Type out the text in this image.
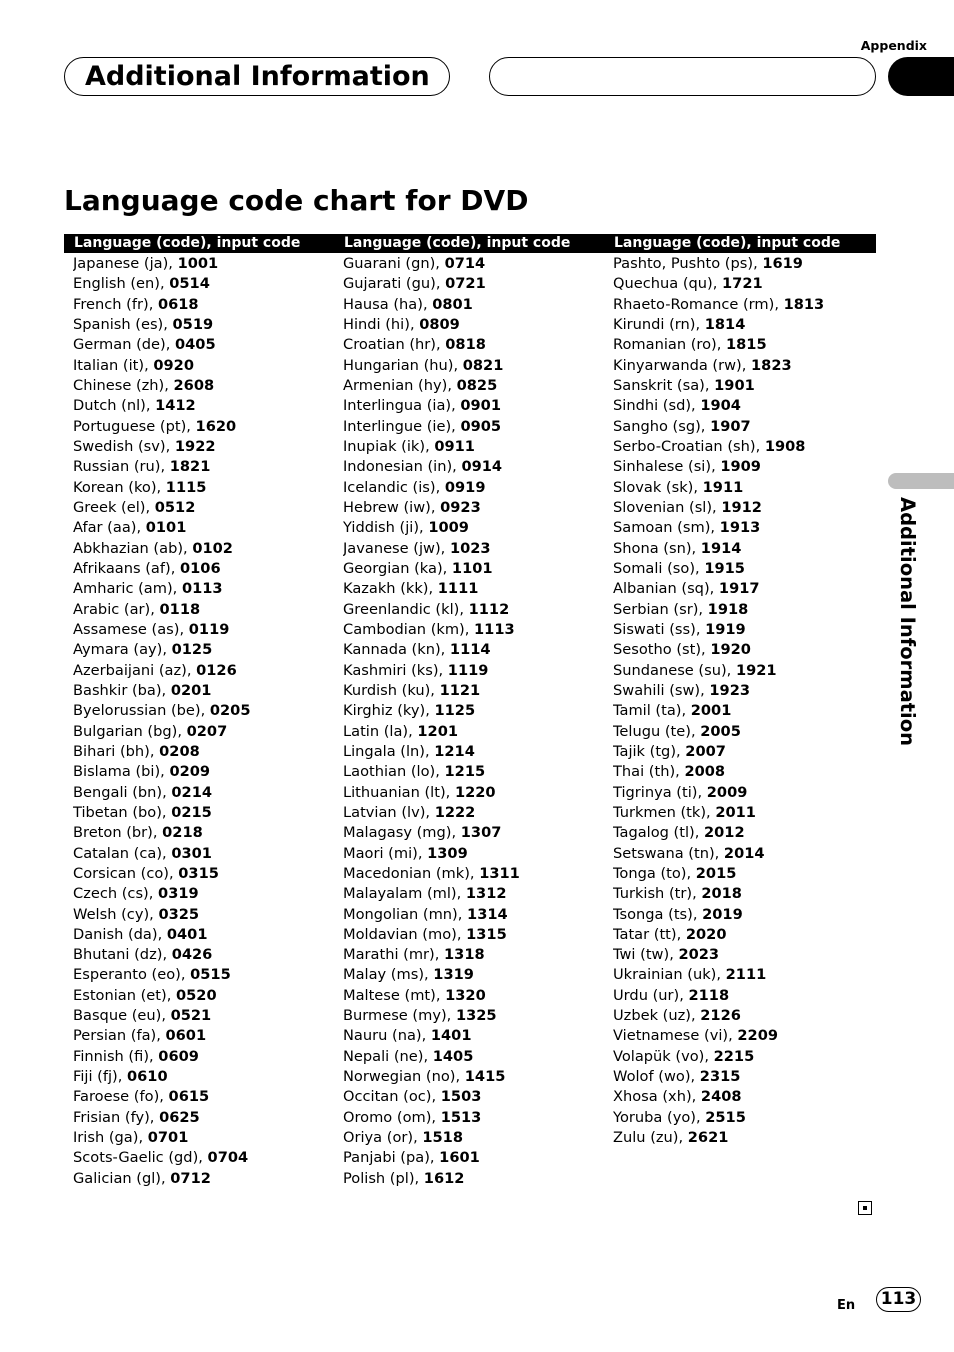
Appendix
Additional Information
Additional Information
Language code chart for DVD
Language (code), input code
Japanese (ja), 1001
English (en), 0514
French (fr), 0618
Spanish (es), 0519
German (de), 0405
Italian (it), 0920
Chinese (zh), 2608
Dutch (nl), 1412
Portuguese (pt), 1620
Swedish (sv), 1922
Russian (ru), 1821
Korean (ko), 1115
Greek (el), 0512
Afar (aa), 0101
Abkhazian (ab), 0102
Afrikaans (af), 0106
Amharic (am), 0113
Arabic (ar), 0118
Assamese (as), 0119
Aymara (ay), 0125
Azerbaijani (az), 0126
Bashkir (ba), 0201
Byelorussian (be), 0205
Bulgarian (bg), 0207
Bihari (bh), 0208
Bislama (bi), 0209
Bengali (bn), 0214
Tibetan (bo), 0215
Breton (br), 0218
Catalan (ca), 0301
Corsican (co), 0315
Czech (cs), 0319
Welsh (cy), 0325
Danish (da), 0401
Bhutani (dz), 0426
Esperanto (eo), 0515
Estonian (et), 0520
Basque (eu), 0521
Persian (fa), 0601
Finnish (fi), 0609
Fiji (fj), 0610
Faroese (fo), 0615
Frisian (fy), 0625
Irish (ga), 0701
Scots-Gaelic (gd), 0704
Galician (gl), 0712
Language (code), input code
Guarani (gn), 0714
Gujarati (gu), 0721
Hausa (ha), 0801
Hindi (hi), 0809
Croatian (hr), 0818
Hungarian (hu), 0821
Armenian (hy), 0825
Interlingua (ia), 0901
Interlingue (ie), 0905
Inupiak (ik), 0911
Indonesian (in), 0914
Icelandic (is), 0919
Hebrew (iw), 0923
Yiddish (ji), 1009
Javanese (jw), 1023
Georgian (ka), 1101
Kazakh (kk), 1111
Greenlandic (kl), 1112
Cambodian (km), 1113
Kannada (kn), 1114
Kashmiri (ks), 1119
Kurdish (ku), 1121
Kirghiz (ky), 1125
Latin (la), 1201
Lingala (ln), 1214
Laothian (lo), 1215
Lithuanian (lt), 1220
Latvian (lv), 1222
Malagasy (mg), 1307
Maori (mi), 1309
Macedonian (mk), 1311
Malayalam (ml), 1312
Mongolian (mn), 1314
Moldavian (mo), 1315
Marathi (mr), 1318
Malay (ms), 1319
Maltese (mt), 1320
Burmese (my), 1325
Nauru (na), 1401
Nepali (ne), 1405
Norwegian (no), 1415
Occitan (oc), 1503
Oromo (om), 1513
Oriya (or), 1518
Panjabi (pa), 1601
Polish (pl), 1612
Language (code), input code
Pashto, Pushto (ps), 1619
Quechua (qu), 1721
Rhaeto-Romance (rm), 1813
Kirundi (rn), 1814
Romanian (ro), 1815
Kinyarwanda (rw), 1823
Sanskrit (sa), 1901
Sindhi (sd), 1904
Sangho (sg), 1907
Serbo-Croatian (sh), 1908
Sinhalese (si), 1909
Slovak (sk), 1911
Slovenian (sl), 1912
Samoan (sm), 1913
Shona (sn), 1914
Somali (so), 1915
Albanian (sq), 1917
Serbian (sr), 1918
Siswati (ss), 1919
Sesotho (st), 1920
Sundanese (su), 1921
Swahili (sw), 1923
Tamil (ta), 2001
Telugu (te), 2005
Tajik (tg), 2007
Thai (th), 2008
Tigrinya (ti), 2009
Turkmen (tk), 2011
Tagalog (tl), 2012
Setswana (tn), 2014
Tonga (to), 2015
Turkish (tr), 2018
Tsonga (ts), 2019
Tatar (tt), 2020
Twi (tw), 2023
Ukrainian (uk), 2111
Urdu (ur), 2118
Uzbek (uz), 2126
Vietnamese (vi), 2209
Volapük (vo), 2215
Wolof (wo), 2315
Xhosa (xh), 2408
Yoruba (yo), 2515
Zulu (zu), 2621
En 113
